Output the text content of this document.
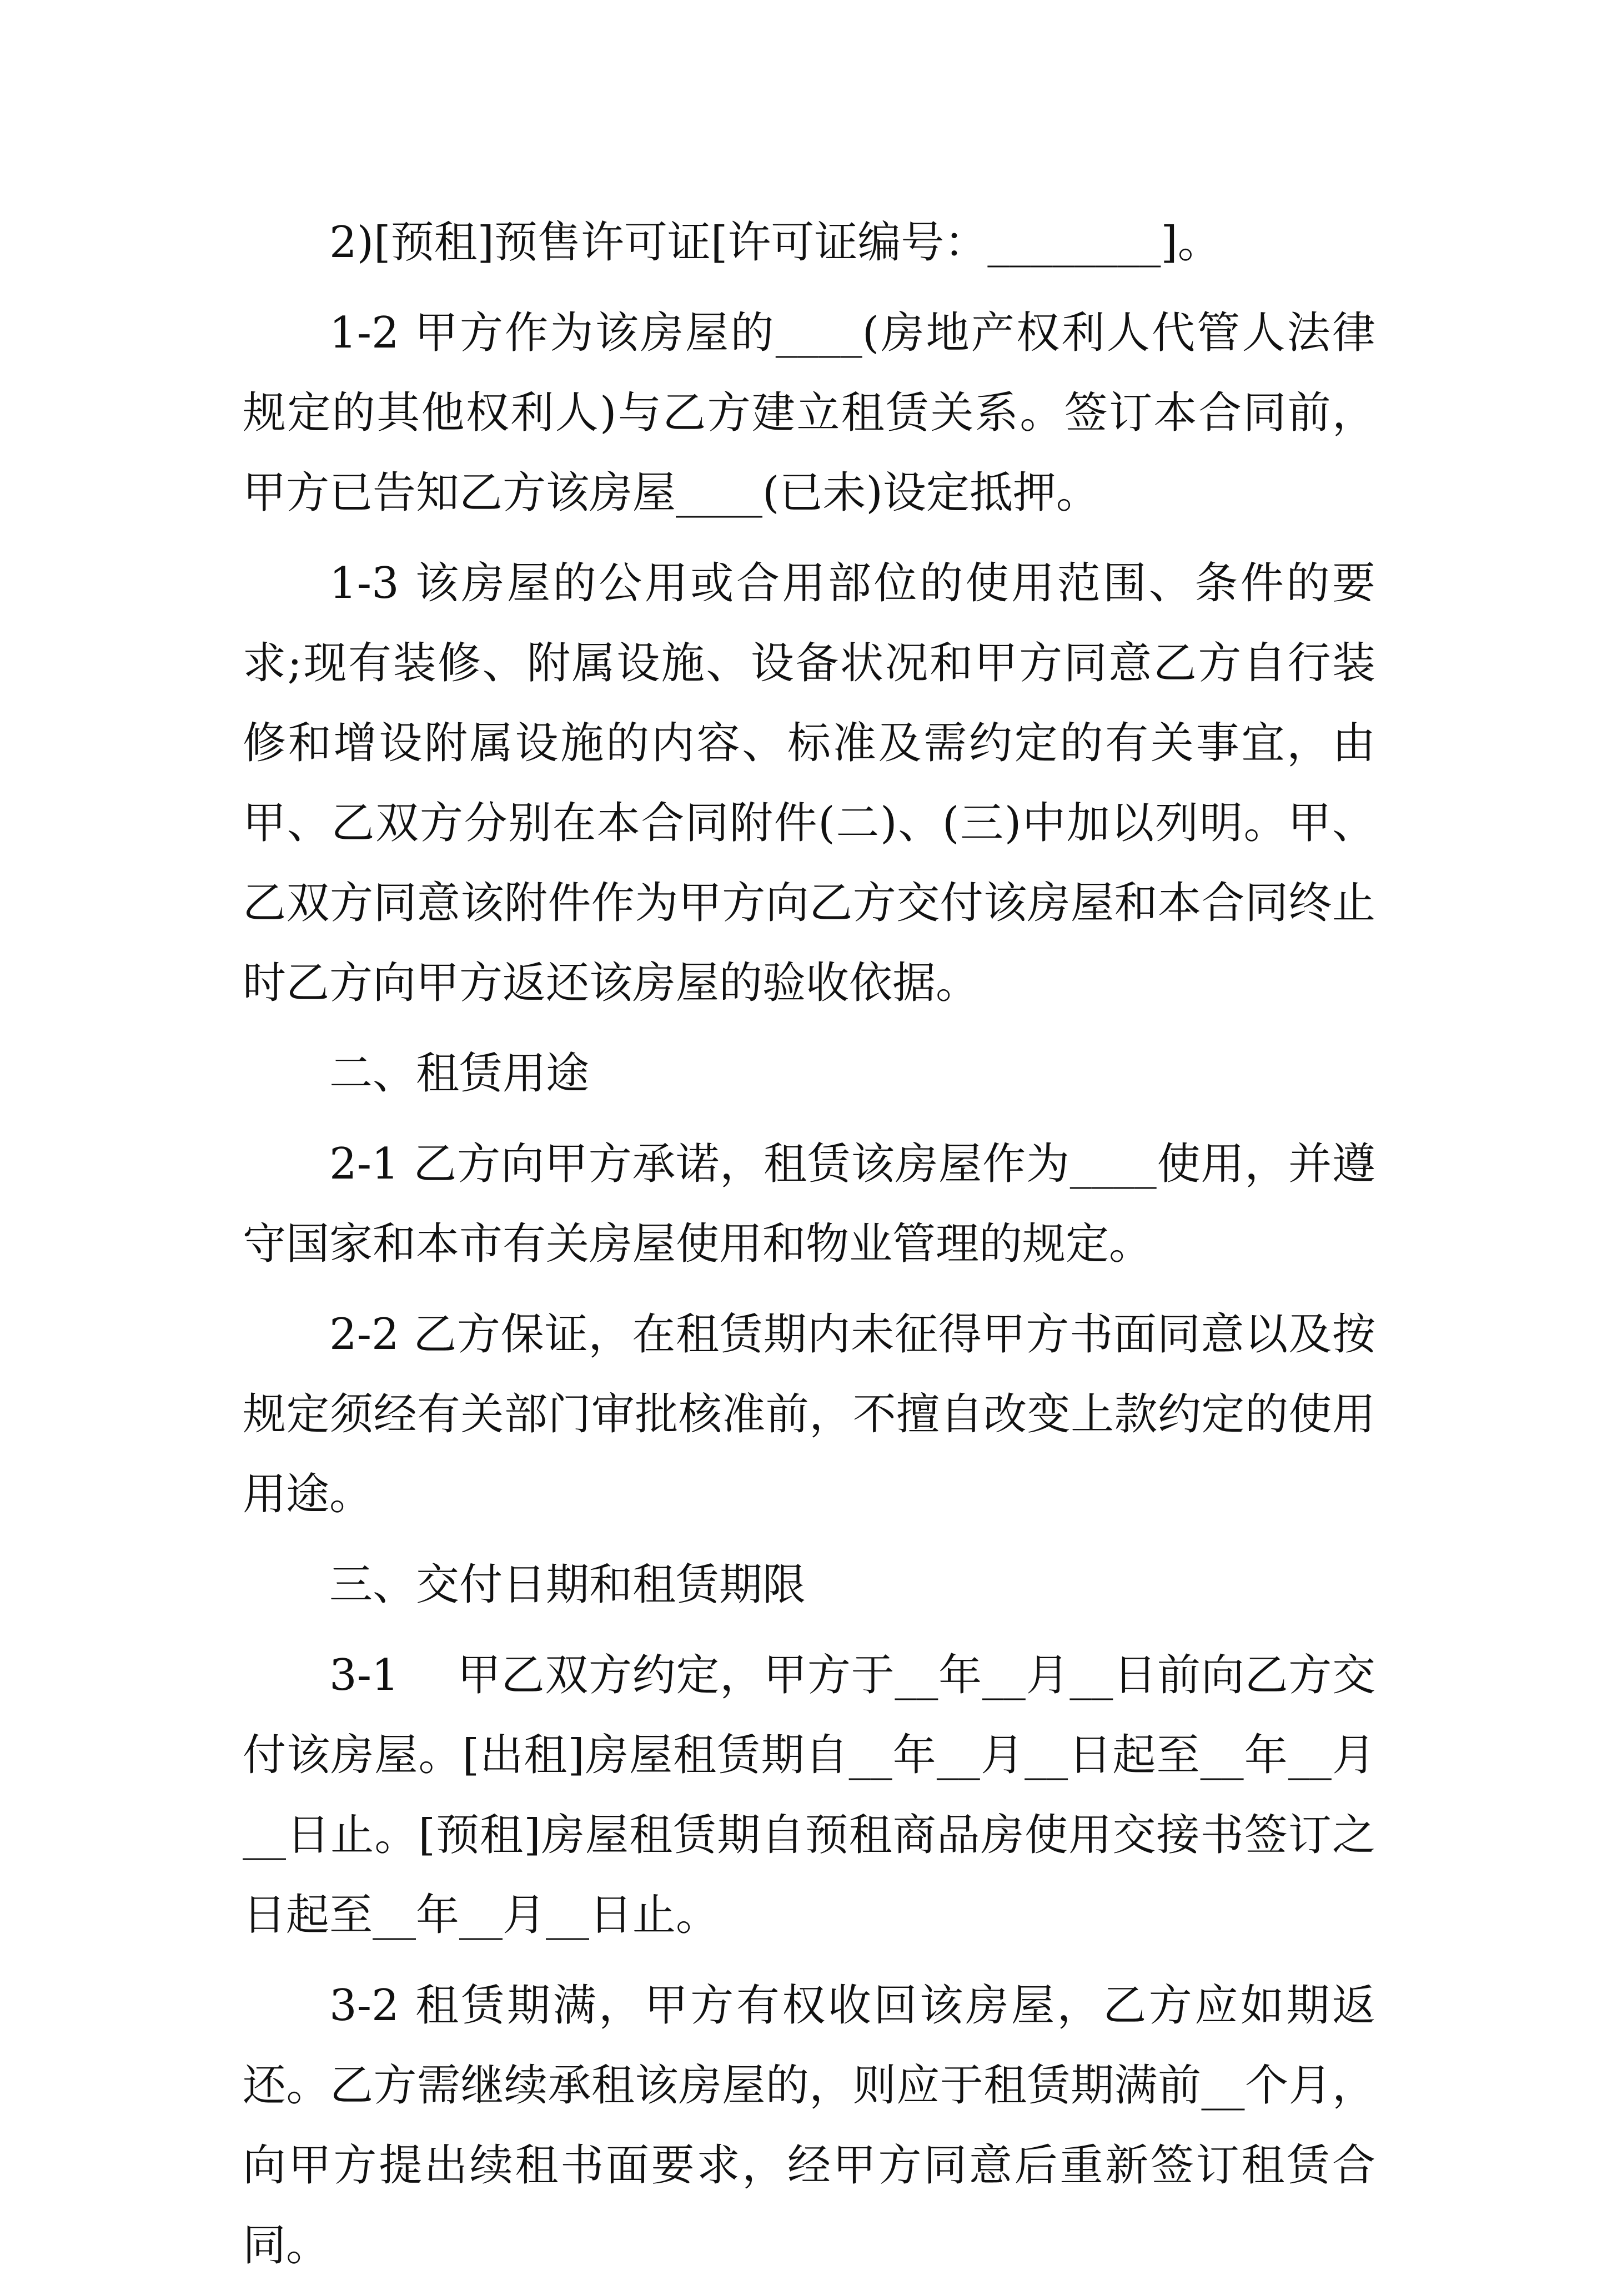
2)[预租]预售许可证[许可证编号：________]。

1-2 甲方作为该房屋的____(房地产权利人代管人法律规定的其他权利人)与乙方建立租赁关系。签订本合同前，甲方已告知乙方该房屋____(已未)设定抵押。

1-3 该房屋的公用或合用部位的使用范围、条件的要求;现有装修、附属设施、设备状况和甲方同意乙方自行装修和增设附属设施的内容、标准及需约定的有关事宜，由甲、乙双方分别在本合同附件(二)、(三)中加以列明。甲、乙双方同意该附件作为甲方向乙方交付该房屋和本合同终止时乙方向甲方返还该房屋的验收依据。

二、租赁用途

2-1 乙方向甲方承诺，租赁该房屋作为____使用，并遵守国家和本市有关房屋使用和物业管理的规定。

2-2 乙方保证，在租赁期内未征得甲方书面同意以及按规定须经有关部门审批核准前，不擅自改变上款约定的使用用途。

三、交付日期和租赁期限

3-1　 甲乙双方约定，甲方于__年__月__日前向乙方交付该房屋。[出租]房屋租赁期自__年__月__日起至__年__月__日止。[预租]房屋租赁期自预租商品房使用交接书签订之日起至__年__月__日止。

3-2 租赁期满，甲方有权收回该房屋，乙方应如期返还。乙方需继续承租该房屋的，则应于租赁期满前__个月，向甲方提出续租书面要求，经甲方同意后重新签订租赁合同。
